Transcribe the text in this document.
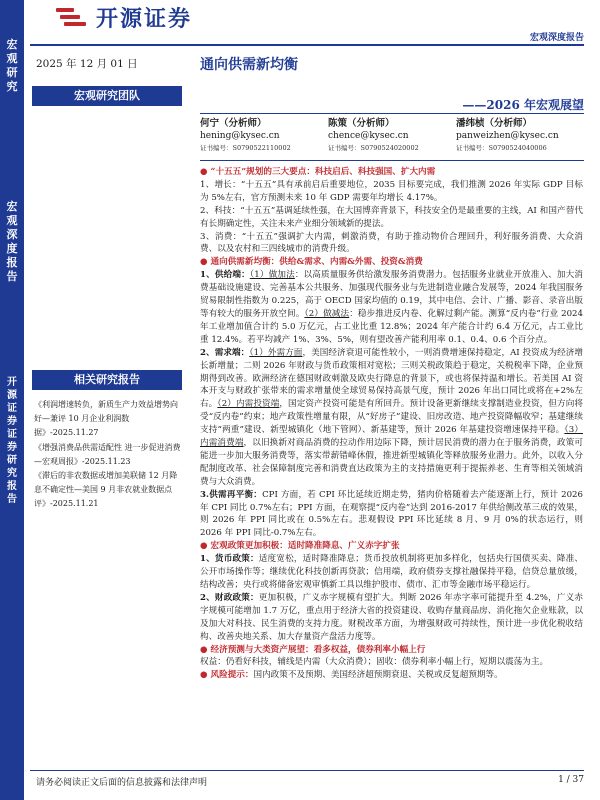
宏观研究
宏观深度报告
开源证券 证券研究报告
开源证券
宏观深度报告
2025 年 12 月 01 日
宏观研究团队
相关研究报告

《利润增速转负，新质生产力效益增势向好—兼评 10 月企业利润数据》-2025.11.27

《增强消费品供需适配性 进一步促进消费—宏观周报》-2025.11.23

《滞后的非农数据或增加美联储 12 月降息不确定性—美国 9 月非农就业数据点评》-2025.11.21

通向供需新均衡
——2026 年宏观展望
何宁（分析师）
hening@kysec.cn
证书编号：S0790522110002
陈策（分析师）
chence@kysec.cn
证书编号：S0790524020002
潘纬桢（分析师）
panweizhen@kysec.cn
证书编号：S0790524040006

● “十五五”规划的三大要点：科技启后、科技强国、扩大内需

1、增长：“十五五”具有承前启后重要地位，2035 目标要完成，我们推测 2026 年实际 GDP 目标为 5%左右，官方预测未来 10 年 GDP 需要年均增长 4.17%。

2、科技：“十五五”基调延续性强，在大国博弈背景下，科技安全仍是最重要的主线，AI 和国产替代有长期确定性，关注未来产业细分领域新的提法。

3、消费：“十五五”强调扩大内需，刺激消费，有助于推动物价合理回升，利好服务消费、大众消费、以及农村和三四线城市的消费升级。

● 通向供需新均衡：供给&需求、内需&外需、投资&消费

1、供给端：（1）做加法：以高质量服务供给激发服务消费潜力。包括服务业就业开放准入、加大消费基础设施建设、完善基本公共服务、加强现代服务业与先进制造业融合发展等，2024 年我国服务贸易限制性指数为 0.225，高于 OECD 国家均值的 0.19，其中电信、会计、广播、影音、录音出版等有较大的服务开放空间。（2）做减法：稳步推进反内卷、化解过剩产能。测算“反内卷”行业 2024 年工业增加值合计约 5.0 万亿元，占工业比重 12.8%；2024 年产能合计约 6.4 万亿元，占工业比重 12.4%。若平均减产 1%、3%、5%，则有望改善产能利用率 0.1、0.4、0.6 个百分点。

2、需求端：（1）外需方面，美国经济衰退可能性较小，一则消费增速保持稳定，AI 投资成为经济增长新增量；二则 2026 年财政与货币政策相对宽松；三则关税政策趋于稳定，关税税率下降，企业预期得到改善。欧洲经济在德国财政刺激及欧央行降息的背景下，或也将保持温和增长。若美国 AI 资本开支与财政扩张带来的需求增量使全球贸易保持高景气度，预计 2026 年出口同比或将在+2%左右。（2）内需投资端，国定资产投资可能是有所回升。预计设备更新继续支撑制造业投资，但方向将受“反内卷”约束；地产政策性增量有限，从“好房子”建设、旧房改造、地产投资降幅收窄；基建继续支持“两重”建设、新型城镇化（地下管网）、新基建等，预计 2026 年基建投资增速保持平稳。（3）内需消费端，以旧换新对商品消费的拉动作用边际下降，预计居民消费的潜力在于服务消费，政策可能进一步加大服务消费等，落实带薪错峰休假，推进新型城镇化等释放服务业潜力。此外，以收入分配制度改革、社会保障制度完善和消费直达政策为主的支持措施更利于提振养老、生育等相关领域消费与大众消费。

3.供需再平衡：CPI 方面，若 CPI 环比延续近期走势，猪肉价格随着去产能逐渐上行，预计 2026 年 CPI 同比 0.7%左右；PPI 方面，在观察提“反内卷”达到 2016-2017 年供给侧改革三成的效果，则 2026 年 PPI 同比或在 0.5%左右。悲观假设 PPI 环比延续 8 月、9 月 0%的状态运行，则 2026 年 PPI 同比-0.7%左右。

● 宏观政策更加积极：适时降准降息、广义赤字扩张

1、货币政策：适度宽松，适时降准降息；货币投放机制将更加多样化，包括央行国债买卖、降准、公开市场操作等；继续优化科技创新再贷款；信用端，政府债券支撑社融保持平稳，信贷总量放缓，结构改善；央行或将储备宏观审慎新工具以维护股市、债市、汇市等金融市场平稳运行。

2、财政政策：更加积极，广义赤字规模有望扩大。判断 2026 年赤字率可能提升至 4.2%，广义赤字规模可能增加 1.7 万亿，重点用于经济大省的投资建设、收购存量商品房、消化拖欠企业账款，以及加大对科技、民生消费的支持力度。财税改革方面，为增强财政可持续性，预计进一步优化税收结构、改善央地关系、加大存量资产盘活力度等。

● 经济预测与大类资产展望：看多权益，债券利率小幅上行

权益：仍看好科技，辅线是内需（大众消费）；固收：债券利率小幅上行，短期以震荡为主。

● 风险提示：国内政策不及预期、美国经济超预期衰退、关税或反复超预期等。

请务必阅读正文后面的信息披露和法律声明	1 / 37
